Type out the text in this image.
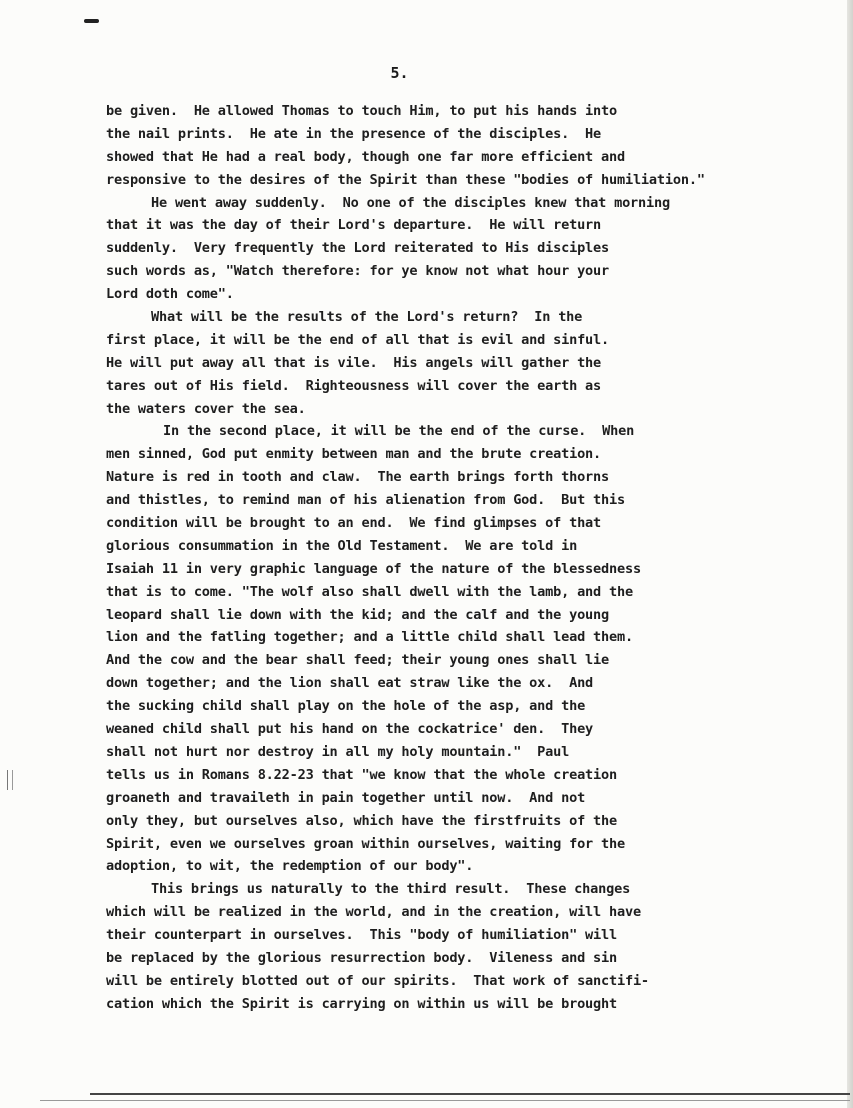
5.
be given.  He allowed Thomas to touch Him, to put his hands into
the nail prints.  He ate in the presence of the disciples.  He
showed that He had a real body, though one far more efficient and
responsive to the desires of the Spirit than these "bodies of humiliation."
He went away suddenly.  No one of the disciples knew that morning
that it was the day of their Lord's departure.  He will return
suddenly.  Very frequently the Lord reiterated to His disciples
such words as, "Watch therefore: for ye know not what hour your
Lord doth come".
What will be the results of the Lord's return?  In the
first place, it will be the end of all that is evil and sinful.
He will put away all that is vile.  His angels will gather the
tares out of His field.  Righteousness will cover the earth as
the waters cover the sea.
In the second place, it will be the end of the curse.  When
men sinned, God put enmity between man and the brute creation.
Nature is red in tooth and claw.  The earth brings forth thorns
and thistles, to remind man of his alienation from God.  But this
condition will be brought to an end.  We find glimpses of that
glorious consummation in the Old Testament.  We are told in
Isaiah 11 in very graphic language of the nature of the blessedness
that is to come. "The wolf also shall dwell with the lamb, and the
leopard shall lie down with the kid; and the calf and the young
lion and the fatling together; and a little child shall lead them.
And the cow and the bear shall feed; their young ones shall lie
down together; and the lion shall eat straw like the ox.  And
the sucking child shall play on the hole of the asp, and the
weaned child shall put his hand on the cockatrice' den.  They
shall not hurt nor destroy in all my holy mountain."  Paul
tells us in Romans 8.22-23 that "we know that the whole creation
groaneth and travaileth in pain together until now.  And not
only they, but ourselves also, which have the firstfruits of the
Spirit, even we ourselves groan within ourselves, waiting for the
adoption, to wit, the redemption of our body".
This brings us naturally to the third result.  These changes
which will be realized in the world, and in the creation, will have
their counterpart in ourselves.  This "body of humiliation" will
be replaced by the glorious resurrection body.  Vileness and sin
will be entirely blotted out of our spirits.  That work of sanctifi-
cation which the Spirit is carrying on within us will be brought
